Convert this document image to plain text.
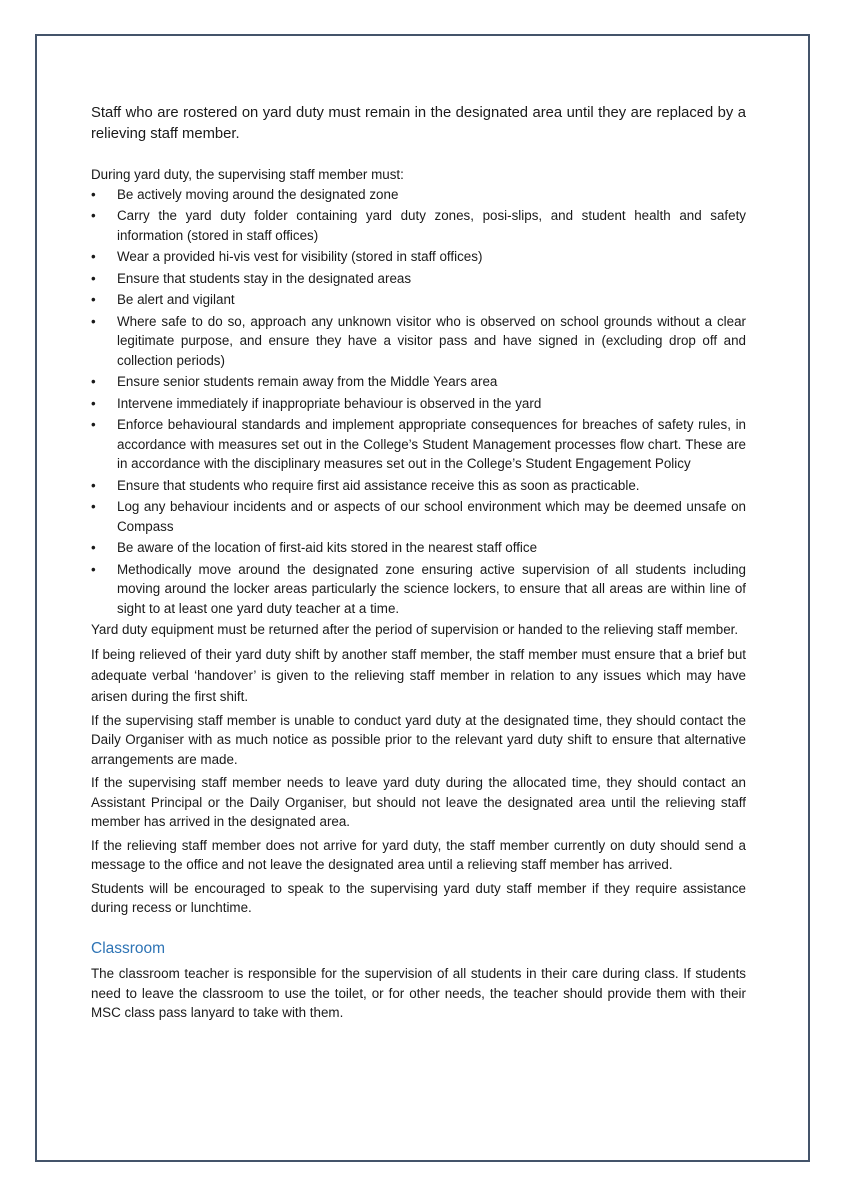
Staff who are rostered on yard duty must remain in the designated area until they are replaced by a relieving staff member.

During yard duty, the supervising staff member must:

•	Be actively moving around the designated zone
•	Carry the yard duty folder containing yard duty zones, posi-slips, and student health and safety information (stored in staff offices)
•	Wear a provided hi-vis vest for visibility (stored in staff offices)
•	Ensure that students stay in the designated areas
•	Be alert and vigilant
•	Where safe to do so, approach any unknown visitor who is observed on school grounds without a clear legitimate purpose, and ensure they have a visitor pass and have signed in (excluding drop off and collection periods)
•	Ensure senior students remain away from the Middle Years area
•	Intervene immediately if inappropriate behaviour is observed in the yard
•	Enforce behavioural standards and implement appropriate consequences for breaches of safety rules, in accordance with measures set out in the College’s Student Management processes flow chart. These are in accordance with the disciplinary measures set out in the College’s Student Engagement Policy
•	Ensure that students who require first aid assistance receive this as soon as practicable.
•	Log any behaviour incidents and or aspects of our school environment which may be deemed unsafe on Compass
•	Be aware of the location of first-aid kits stored in the nearest staff office
•	Methodically move around the designated zone ensuring active supervision of all students including moving around the locker areas particularly the science lockers, to ensure that all areas are within line of sight to at least one yard duty teacher at a time.

Yard duty equipment must be returned after the period of supervision or handed to the relieving staff member.

If being relieved of their yard duty shift by another staff member, the staff member must ensure that a brief but adequate verbal ‘handover’ is given to the relieving staff member in relation to any issues which may have arisen during the first shift.

If the supervising staff member is unable to conduct yard duty at the designated time, they should contact the Daily Organiser with as much notice as possible prior to the relevant yard duty shift to ensure that alternative arrangements are made.

If the supervising staff member needs to leave yard duty during the allocated time, they should contact an Assistant Principal or the Daily Organiser, but should not leave the designated area until the relieving staff member has arrived in the designated area.

If the relieving staff member does not arrive for yard duty, the staff member currently on duty should send a message to the office and not leave the designated area until a relieving staff member has arrived.

Students will be encouraged to speak to the supervising yard duty staff member if they require assistance during recess or lunchtime.

Classroom

The classroom teacher is responsible for the supervision of all students in their care during class. If students need to leave the classroom to use the toilet, or for other needs, the teacher should provide them with their MSC class pass lanyard to take with them.
